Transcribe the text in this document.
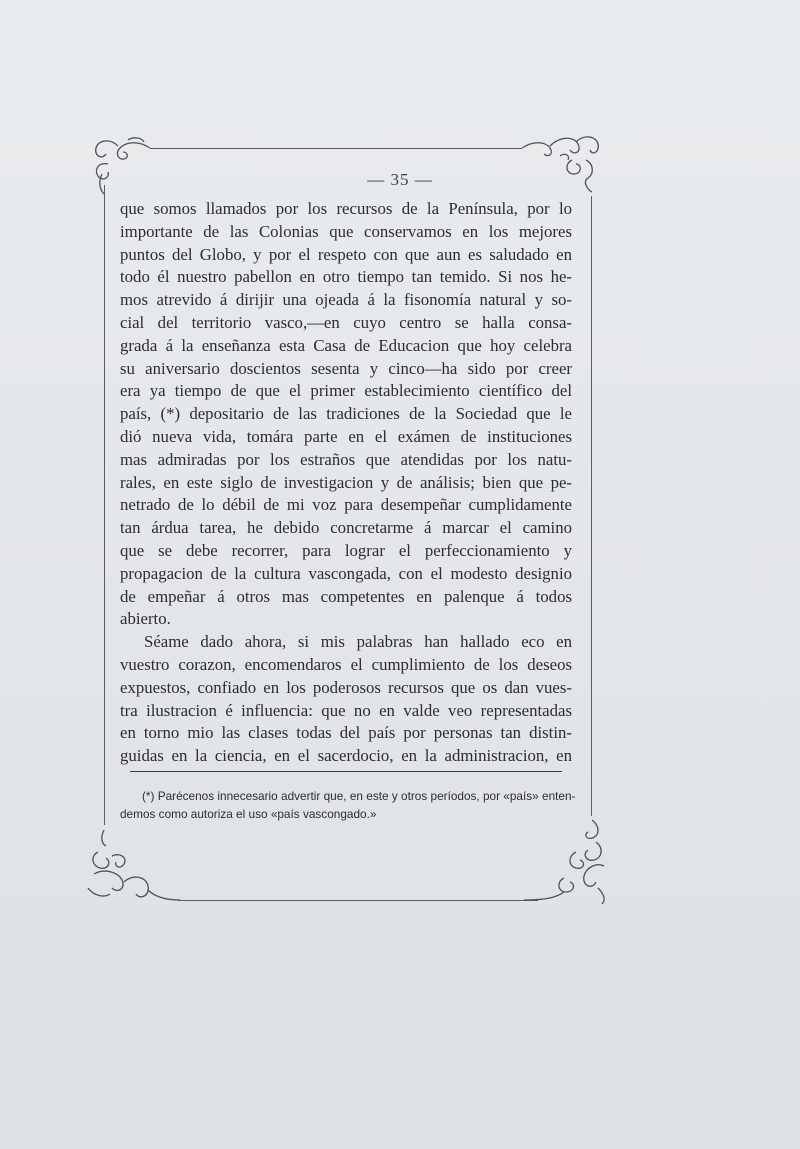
— 35 —
que somos llamados por los recursos de la Península, por lo
importante de las Colonias que conservamos en los mejores
puntos del Globo, y por el respeto con que aun es saludado en
todo él nuestro pabellon en otro tiempo tan temido. Si nos he-
mos atrevido á dirijir una ojeada á la fisonomía natural y so-
cial del territorio vasco,—en cuyo centro se halla consa-
grada á la enseñanza esta Casa de Educacion que hoy celebra
su aniversario doscientos sesenta y cinco—ha sido por creer
era ya tiempo de que el primer establecimiento científico del
país, (*) depositario de las tradiciones de la Sociedad que le
dió nueva vida, tomára parte en el exámen de instituciones
mas admiradas por los estraños que atendidas por los natu-
rales, en este siglo de investigacion y de análisis; bien que pe-
netrado de lo débil de mi voz para desempeñar cumplidamente
tan árdua tarea, he debido concretarme á marcar el camino
que se debe recorrer, para lograr el perfeccionamiento y
propagacion de la cultura vascongada, con el modesto designio
de empeñar á otros mas competentes en palenque á todos
abierto.
Séame dado ahora, si mis palabras han hallado eco en
vuestro corazon, encomendaros el cumplimiento de los deseos
expuestos, confiado en los poderosos recursos que os dan vues-
tra ilustracion é influencia: que no en valde veo representadas
en torno mio las clases todas del país por personas tan distin-
guidas en la ciencia, en el sacerdocio, en la administracion, en
(*) Parécenos innecesario advertir que, en este y otros períodos, por «país» enten-
demos como autoriza el uso «país vascongado.»
